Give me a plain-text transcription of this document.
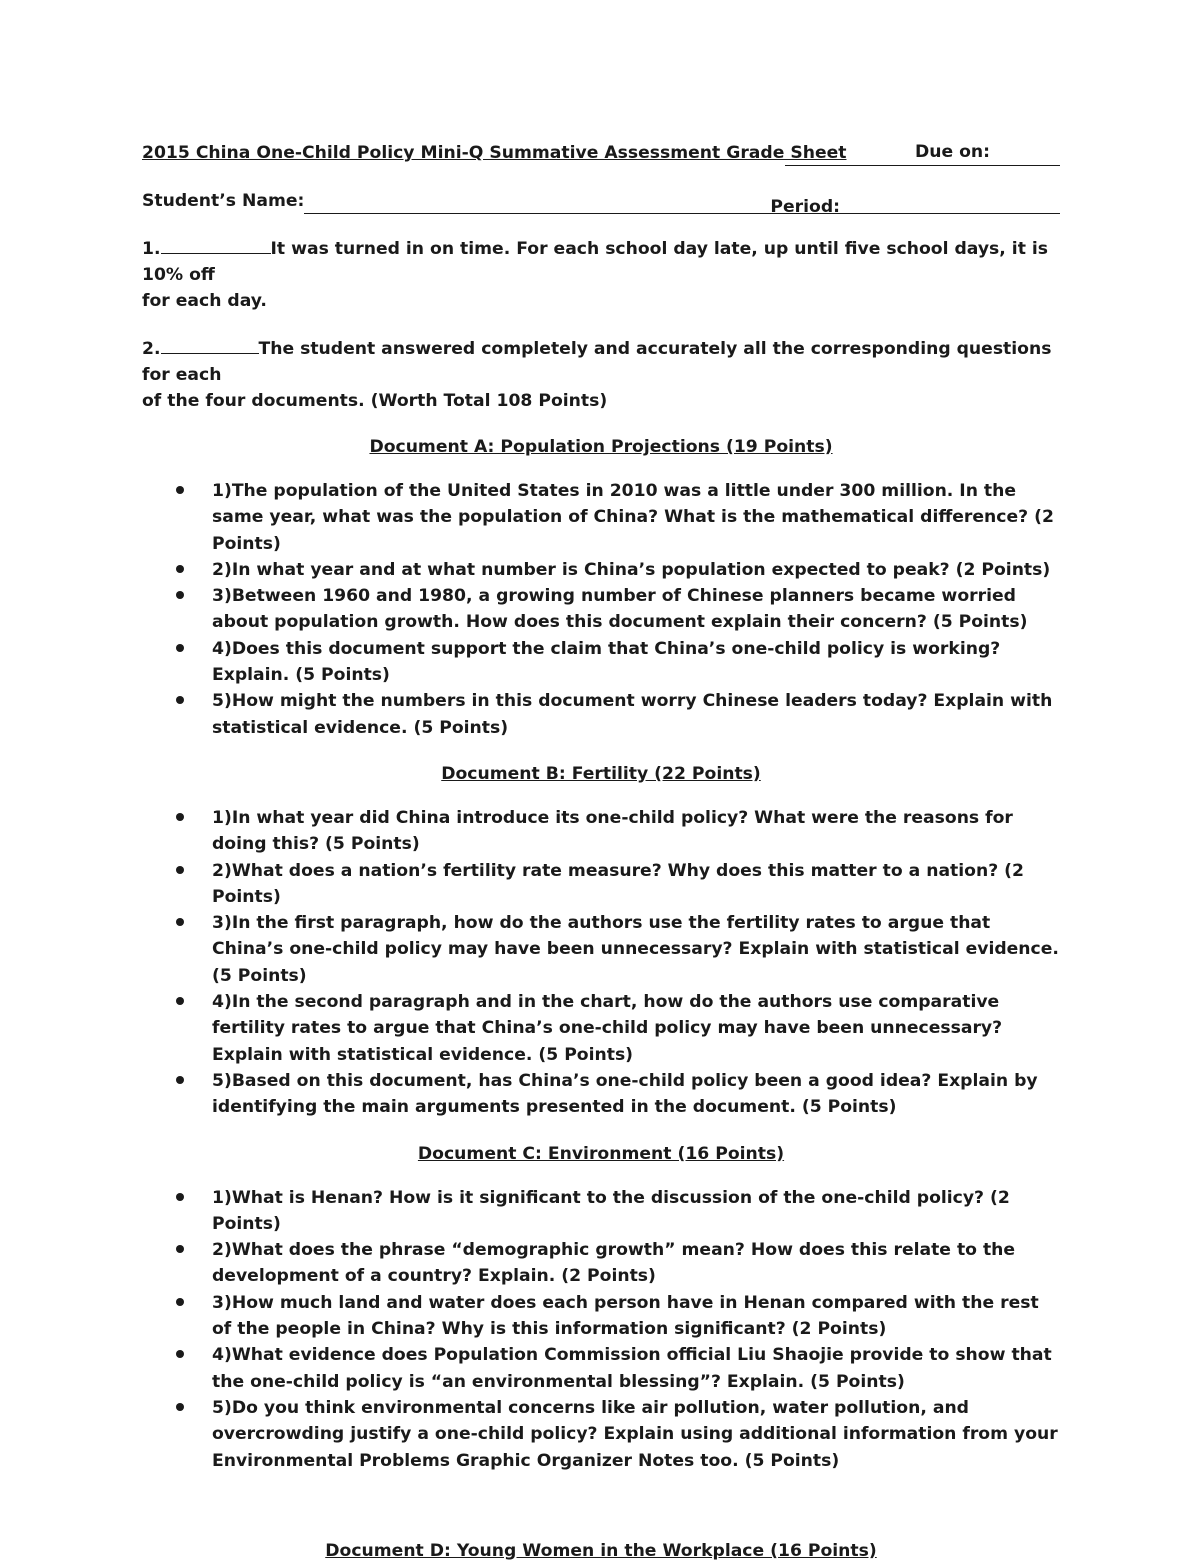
2015 China One-Child Policy Mini-Q Summative Assessment Grade Sheet	Due on:
Student’s Name:	Period:
1.	It was turned in on time. For each school day late, up until five school days, it is 10% off
for each day.
2.	The student answered completely and accurately all the corresponding questions for each
of the four documents. (Worth Total 108 Points)
Document A: Population Projections (19 Points)
1)The population of the United States in 2010 was a little under 300 million. In the same year, what was the population of China? What is the mathematical difference? (2 Points)
2)In what year and at what number is China’s population expected to peak? (2 Points)
3)Between 1960 and 1980, a growing number of Chinese planners became worried about population growth. How does this document explain their concern? (5 Points)
4)Does this document support the claim that China’s one-child policy is working? Explain. (5 Points)
5)How might the numbers in this document worry Chinese leaders today? Explain with statistical evidence. (5 Points)
Document B: Fertility (22 Points)
1)In what year did China introduce its one-child policy? What were the reasons for doing this? (5 Points)
2)What does a nation’s fertility rate measure? Why does this matter to a nation? (2 Points)
3)In the first paragraph, how do the authors use the fertility rates to argue that China’s one-child policy may have been unnecessary? Explain with statistical evidence. (5 Points)
4)In the second paragraph and in the chart, how do the authors use comparative fertility rates to argue that China’s one-child policy may have been unnecessary? Explain with statistical evidence. (5 Points)
5)Based on this document, has China’s one-child policy been a good idea? Explain by identifying the main arguments presented in the document. (5 Points)
Document C: Environment (16 Points)
1)What is Henan? How is it significant to the discussion of the one-child policy? (2 Points)
2)What does the phrase “demographic growth” mean? How does this relate to the development of a country? Explain. (2 Points)
3)How much land and water does each person have in Henan compared with the rest of the people in China? Why is this information significant? (2 Points)
4)What evidence does Population Commission official Liu Shaojie provide to show that the one-child policy is “an environmental blessing”? Explain. (5 Points)
5)Do you think environmental concerns like air pollution, water pollution, and overcrowding justify a one-child policy? Explain using additional information from your Environmental Problems Graphic Organizer Notes too. (5 Points)
Document D: Young Women in the Workplace (16 Points)
